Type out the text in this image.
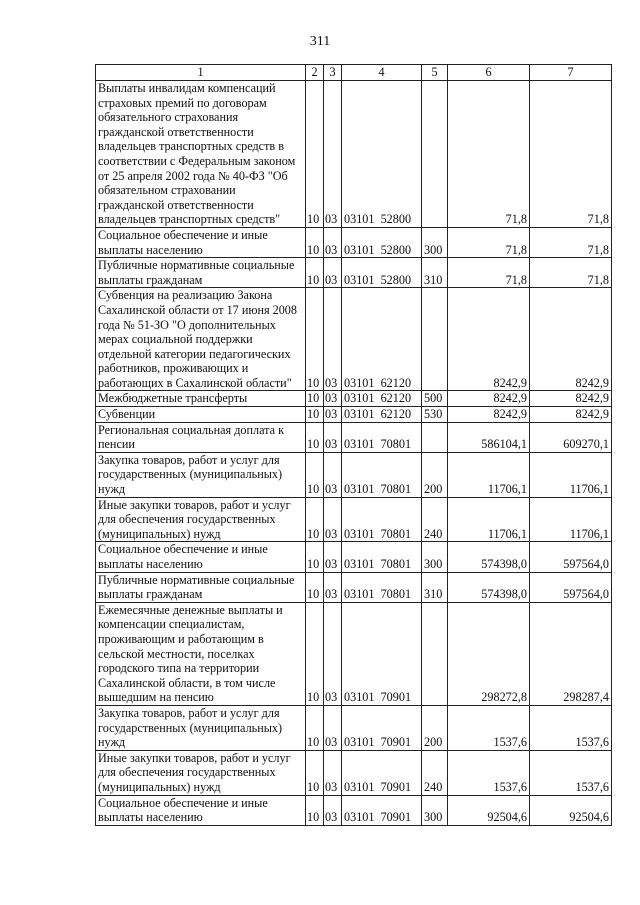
311
1	2	3	4	5	6	7
Выплаты инвалидам компенсаций страховых премий по договорам обязательного страхования гражданской ответственности владельцев транспортных средств в соответствии с Федеральным законом от 25 апреля 2002 года № 40-ФЗ "Об обязательном страховании гражданской ответственности владельцев транспортных средств"	10	03	03101  52800		71,8	71,8
Социальное обеспечение и иные выплаты населению	10	03	03101  52800	300	71,8	71,8
Публичные нормативные социальные выплаты гражданам	10	03	03101  52800	310	71,8	71,8
Субвенция на реализацию Закона Сахалинской области от 17 июня 2008 года № 51-ЗО "О дополнительных мерах социальной поддержки отдельной категории педагогических работников, проживающих и работающих в Сахалинской области"	10	03	03101  62120		8242,9	8242,9
Межбюджетные трансферты	10	03	03101  62120	500	8242,9	8242,9
Субвенции	10	03	03101  62120	530	8242,9	8242,9
Региональная социальная доплата к пенсии	10	03	03101  70801		586104,1	609270,1
Закупка товаров, работ и услуг для государственных (муниципальных) нужд	10	03	03101  70801	200	11706,1	11706,1
Иные закупки товаров, работ и услуг для обеспечения государственных (муниципальных) нужд	10	03	03101  70801	240	11706,1	11706,1
Социальное обеспечение и иные выплаты населению	10	03	03101  70801	300	574398,0	597564,0
Публичные нормативные социальные выплаты гражданам	10	03	03101  70801	310	574398,0	597564,0
Ежемесячные денежные выплаты и компенсации специалистам, проживающим и работающим в сельской местности, поселках городского типа на территории Сахалинской области, в том числе вышедшим на пенсию	10	03	03101  70901		298272,8	298287,4
Закупка товаров, работ и услуг для государственных (муниципальных) нужд	10	03	03101  70901	200	1537,6	1537,6
Иные закупки товаров, работ и услуг для обеспечения государственных (муниципальных) нужд	10	03	03101  70901	240	1537,6	1537,6
Социальное обеспечение и иные выплаты населению	10	03	03101  70901	300	92504,6	92504,6
